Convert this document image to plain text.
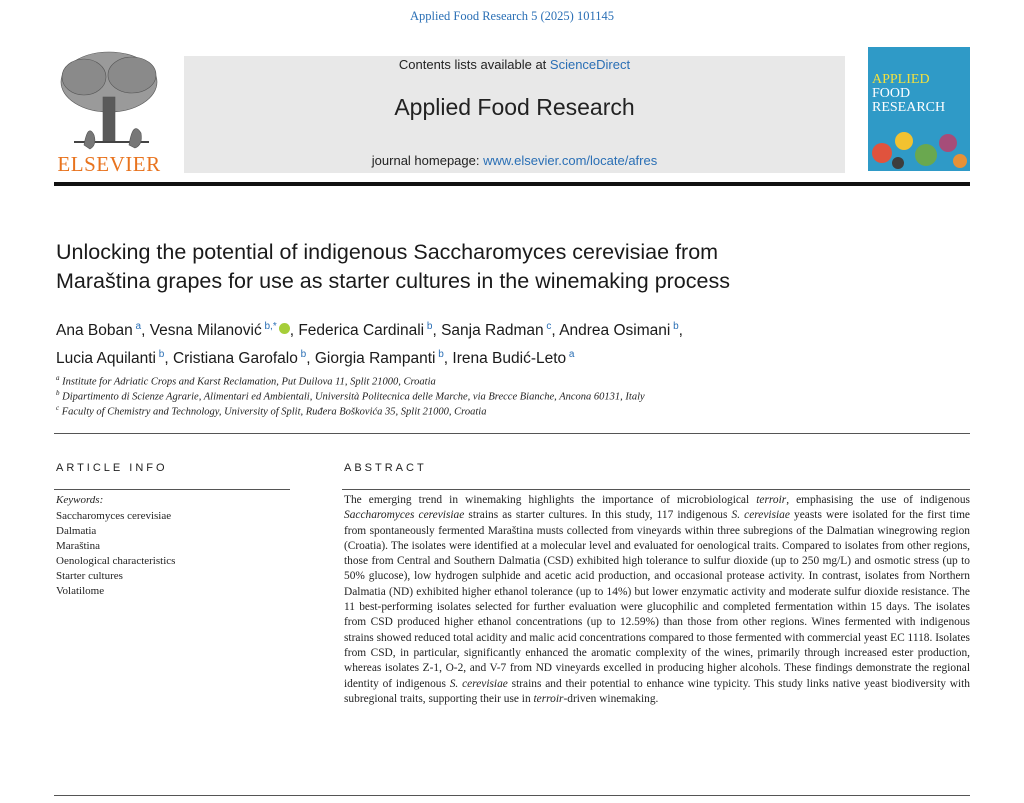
Applied Food Research 5 (2025) 101145
ELSEVIER
Contents lists available at ScienceDirect
Applied Food Research
journal homepage: www.elsevier.com/locate/afres
APPLIED
FOOD
RESEARCH
Unlocking the potential of indigenous Saccharomyces cerevisiae from
Maraština grapes for use as starter cultures in the winemaking process
Ana Boban $^a$, Vesna Milanović $^{b,*}$ , Federica Cardinali $^b$, Sanja Radman $^c$, Andrea Osimani $^b$,
Lucia Aquilanti $^b$, Cristiana Garofalo $^b$, Giorgia Rampanti $^b$, Irena Budić-Leto $^a$
$^a$ Institute for Adriatic Crops and Karst Reclamation, Put Duilova 11, Split 21000, Croatia
$^b$ Dipartimento di Scienze Agrarie, Alimentari ed Ambientali, Università Politecnica delle Marche, via Brecce Bianche, Ancona 60131, Italy
$^c$ Faculty of Chemistry and Technology, University of Split, Ruđera Boškovića 35, Split 21000, Croatia
ARTICLE INFO
Keywords:
Saccharomyces cerevisiae
Dalmatia
Maraština
Oenological characteristics
Starter cultures
Volatilome
ABSTRACT
The emerging trend in winemaking highlights the importance of microbiological terroir, emphasising the use of indigenous Saccharomyces cerevisiae strains as starter cultures. In this study, 117 indigenous S. cerevisiae yeasts were isolated for the first time from spontaneously fermented Maraština musts collected from vineyards within three subregions of the Dalmatian winegrowing region (Croatia). The isolates were identified at a molecular level and evaluated for oenological traits. Compared to isolates from other regions, those from Central and Southern Dalmatia (CSD) exhibited high tolerance to sulfur dioxide (up to 250 mg/L) and osmotic stress (up to 50% glucose), low hydrogen sulphide and acetic acid production, and occasional protease activity. In contrast, isolates from Northern Dalmatia (ND) exhibited higher ethanol tolerance (up to 14%) but lower enzymatic activity and moderate sulfur dioxide resistance. The 11 best-performing isolates selected for further evaluation were glucophilic and completed fermentation within 15 days. The isolates from CSD produced higher ethanol concentrations (up to 12.59%) than those from other regions. Wines fermented with indigenous strains showed reduced total acidity and malic acid concentrations compared to those fermented with commercial yeast EC 1118. Isolates from CSD, in particular, significantly enhanced the aromatic complexity of the wines, primarily through increased ester production, whereas isolates Z-1, O-2, and V-7 from ND vineyards excelled in producing higher alcohols. These findings demonstrate the regional identity of indigenous S. cerevisiae strains and their potential to enhance wine typicity. This study links native yeast biodiversity with subregional traits, supporting their use in terroir-driven winemaking.
